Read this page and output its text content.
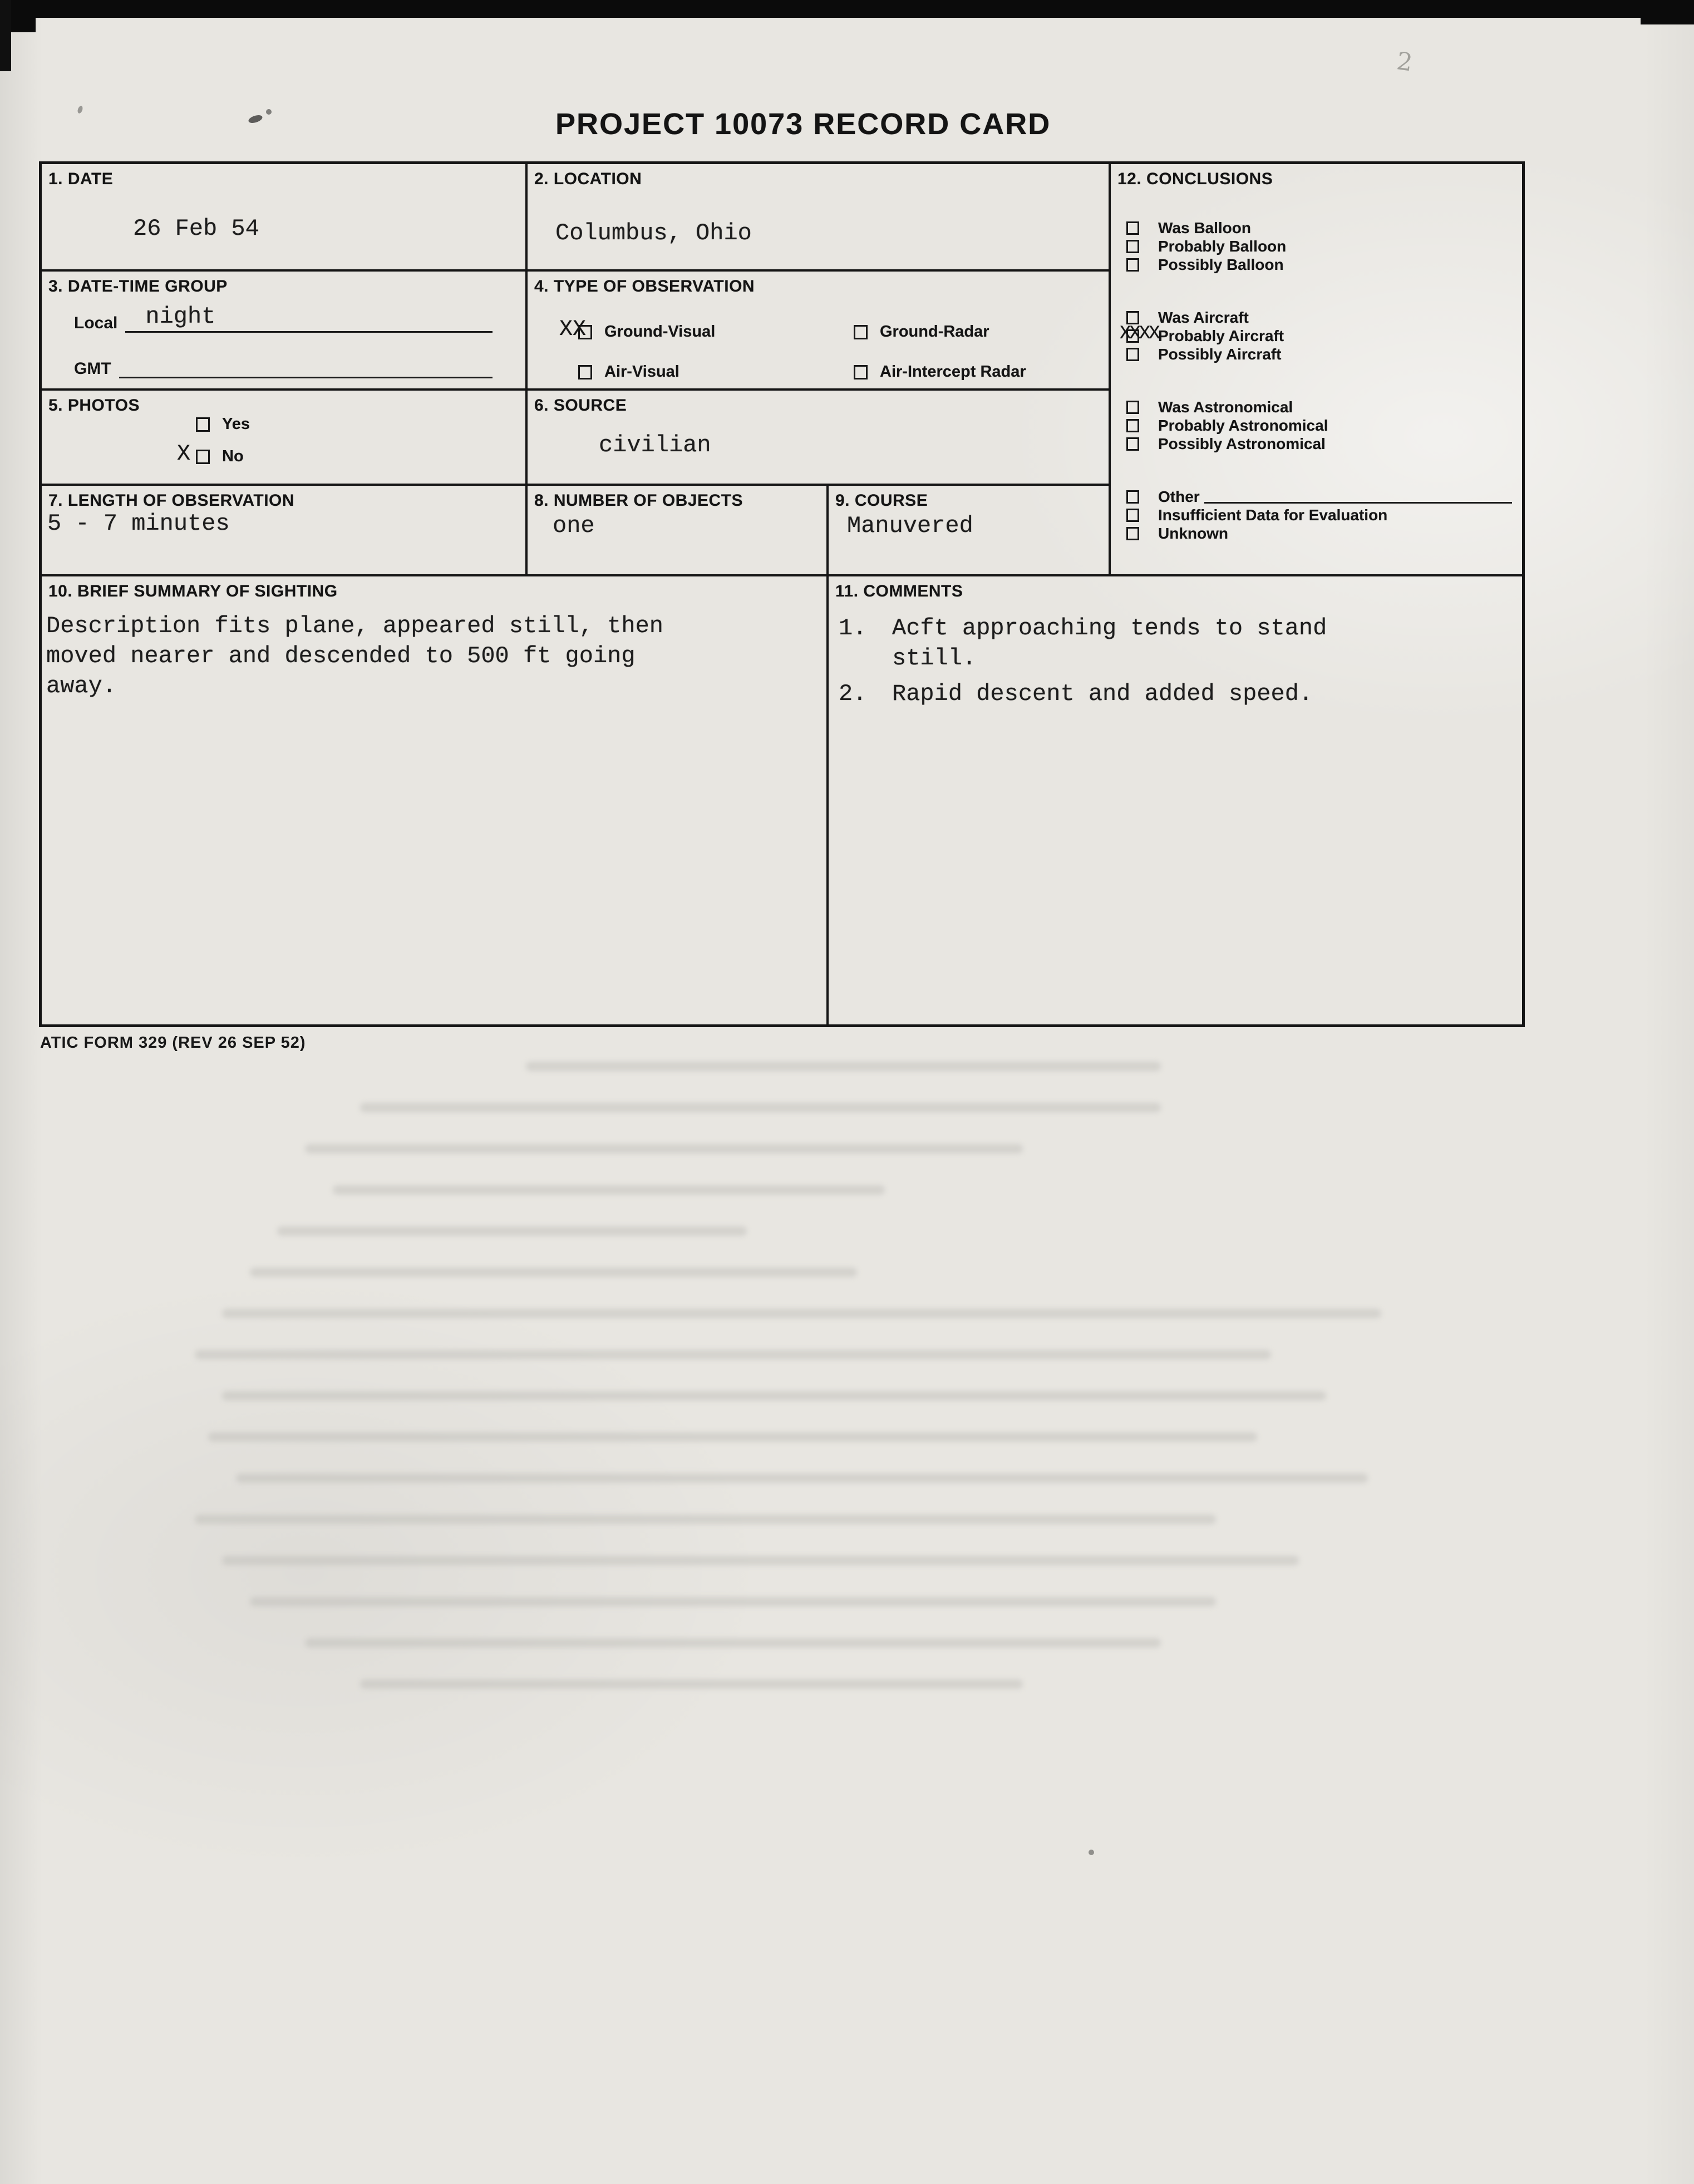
2
PROJECT 10073 RECORD CARD
1. DATE
26 Feb 54
2. LOCATION
Columbus, Ohio
12. CONCLUSIONS
Was Balloon
Probably Balloon
Possibly Balloon
Was Aircraft
XXXX Probably Aircraft
Possibly Aircraft
Was Astronomical
Probably Astronomical
Possibly Astronomical
Other
Insufficient Data for Evaluation
Unknown
3. DATE-TIME GROUP
Local	night
GMT
4. TYPE OF OBSERVATION
XX Ground-Visual	Ground-Radar
Air-Visual	Air-Intercept Radar
5. PHOTOS
Yes
X No
6. SOURCE
civilian
7. LENGTH OF OBSERVATION
5 - 7 minutes
8. NUMBER OF OBJECTS
one
9. COURSE
Manuvered
10. BRIEF SUMMARY OF SIGHTING
Description fits plane, appeared still, then moved nearer and descended to 500 ft going away.
11. COMMENTS
1.	Acft approaching tends to stand still.
2.	Rapid descent and added speed.
ATIC FORM 329 (REV 26 SEP 52)
